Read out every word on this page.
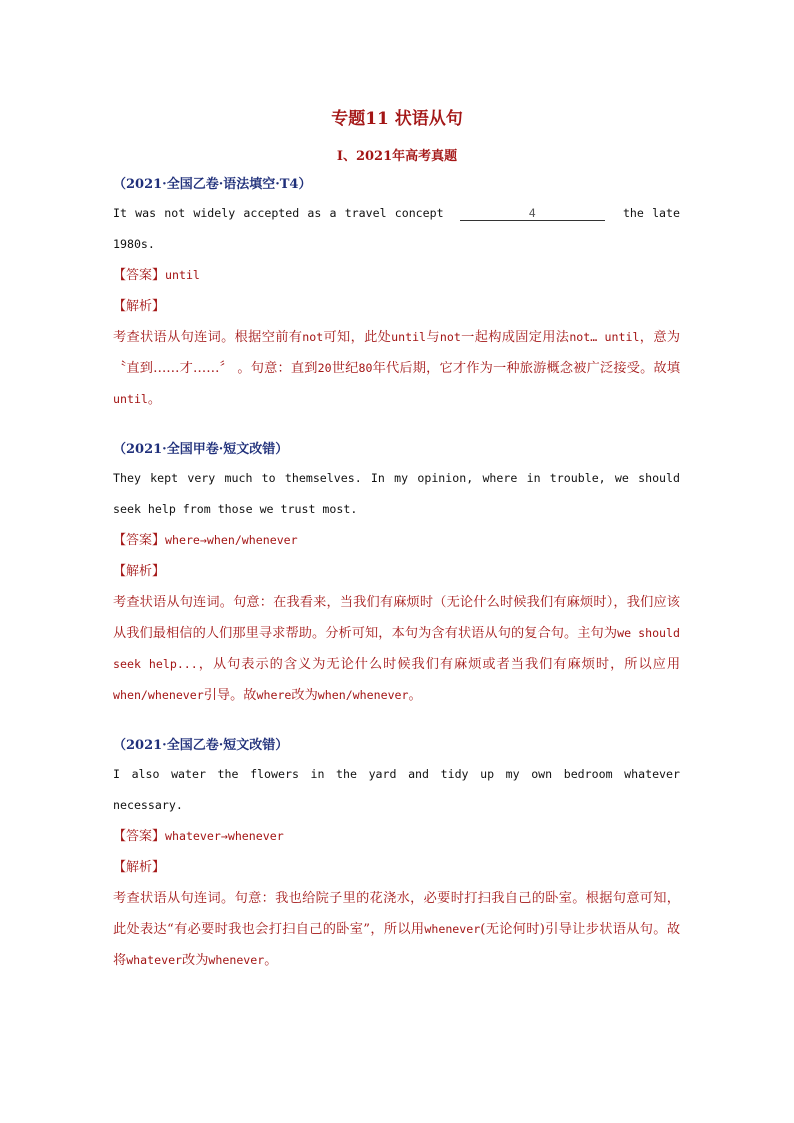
专题11 状语从句
I、2021年高考真题

（2021·全国乙卷·语法填空·T4）

It was not widely accepted as a travel concept	4	the late 1980s.

【答案】until

【解析】

考查状语从句连词。根据空前有not可知，此处until与not一起构成固定用法not… until，意为 〝直到……才……〞 。句意：直到20世纪80年代后期，它才作为一种旅游概念被广泛接受。故填until。

（2021·全国甲卷·短文改错）

They kept very much to themselves. In my opinion, where in trouble, we should seek help from those we trust most.

【答案】where→when/whenever

【解析】

考查状语从句连词。句意：在我看来，当我们有麻烦时（无论什么时候我们有麻烦时），我们应该从我们最相信的人们那里寻求帮助。分析可知，本句为含有状语从句的复合句。主句为we should seek help...，从句表示的含义为无论什么时候我们有麻烦或者当我们有麻烦时，所以应用when/whenever引导。故where改为when/whenever。

（2021·全国乙卷·短文改错）

I also water the flowers in the yard and tidy up my own bedroom whatever necessary.

【答案】whatever→whenever

【解析】

考查状语从句连词。句意：我也给院子里的花浇水，必要时打扫我自己的卧室。根据句意可知，此处表达“有必要时我也会打扫自己的卧室”，所以用whenever(无论何时)引导让步状语从句。故将whatever改为whenever。
